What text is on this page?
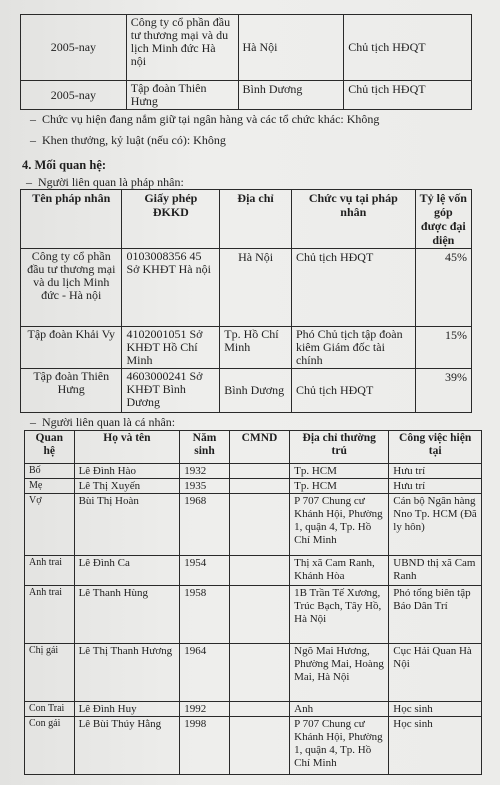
2005-nay	Công ty cổ phần đầu tư thương mại và du lịch Minh đức Hà nội	Hà Nội	Chủ tịch HĐQT
2005-nay	Tập đoàn Thiên Hưng	Bình Dương	Chủ tịch HĐQT
–  Chức vụ hiện đang nắm giữ tại ngân hàng và các tổ chức khác: Không
–  Khen thưởng, kỷ luật (nếu có): Không
4. Mối quan hệ:
–  Người liên quan là pháp nhân:
Tên pháp nhân	Giấy phép ĐKKD	Địa chỉ	Chức vụ tại pháp nhân	Tỷ lệ vốn góp được đại diện
Công ty cổ phần đầu tư thương mại và du lịch Minh đức - Hà nội	0103008356 45 Sở KHĐT Hà nội	Hà Nội	Chủ tịch HĐQT	45%
Tập đoàn Khải Vy	4102001051 Sở KHĐT Hồ Chí Minh	Tp. Hồ Chí Minh	Phó Chủ tịch tập đoàn kiêm Giám đốc tài chính	15%
Tập đoàn Thiên Hưng	4603000241 Sở KHĐT Bình Dương	Bình Dương	Chủ tịch HĐQT	39%
–  Người liên quan là cá nhân:
Quan hệ	Họ và tên	Năm sinh	CMND	Địa chỉ thường trú	Công việc hiện tại
Bố	Lê Đình Hào	1932		Tp. HCM	Hưu trí
Mẹ	Lê Thị Xuyến	1935		Tp. HCM	Hưu trí
Vợ	Bùi Thị Hoàn	1968		P 707 Chung cư Khánh Hội, Phường 1, quận 4, Tp. Hồ Chí Minh	Cán bộ Ngân hàng Nno Tp. HCM (Đã ly hôn)
Anh trai	Lê Đình Ca	1954		Thị xã Cam Ranh, Khánh Hòa	UBND thị xã Cam Ranh
Anh trai	Lê Thanh Hùng	1958		1B Trần Tế Xương, Trúc Bạch, Tây Hồ, Hà Nội	Phó tổng biên tập Báo Dân Trí
Chị gái	Lê Thị Thanh Hương	1964		Ngõ Mai Hương, Phường Mai, Hoàng Mai, Hà Nội	Cục Hải Quan Hà Nội
Con Trai	Lê Đình Huy	1992		Anh	Học sinh
Con gái	Lê Bùi Thúy Hằng	1998		P 707 Chung cư Khánh Hội, Phường 1, quận 4, Tp. Hồ Chí Minh	Học sinh
